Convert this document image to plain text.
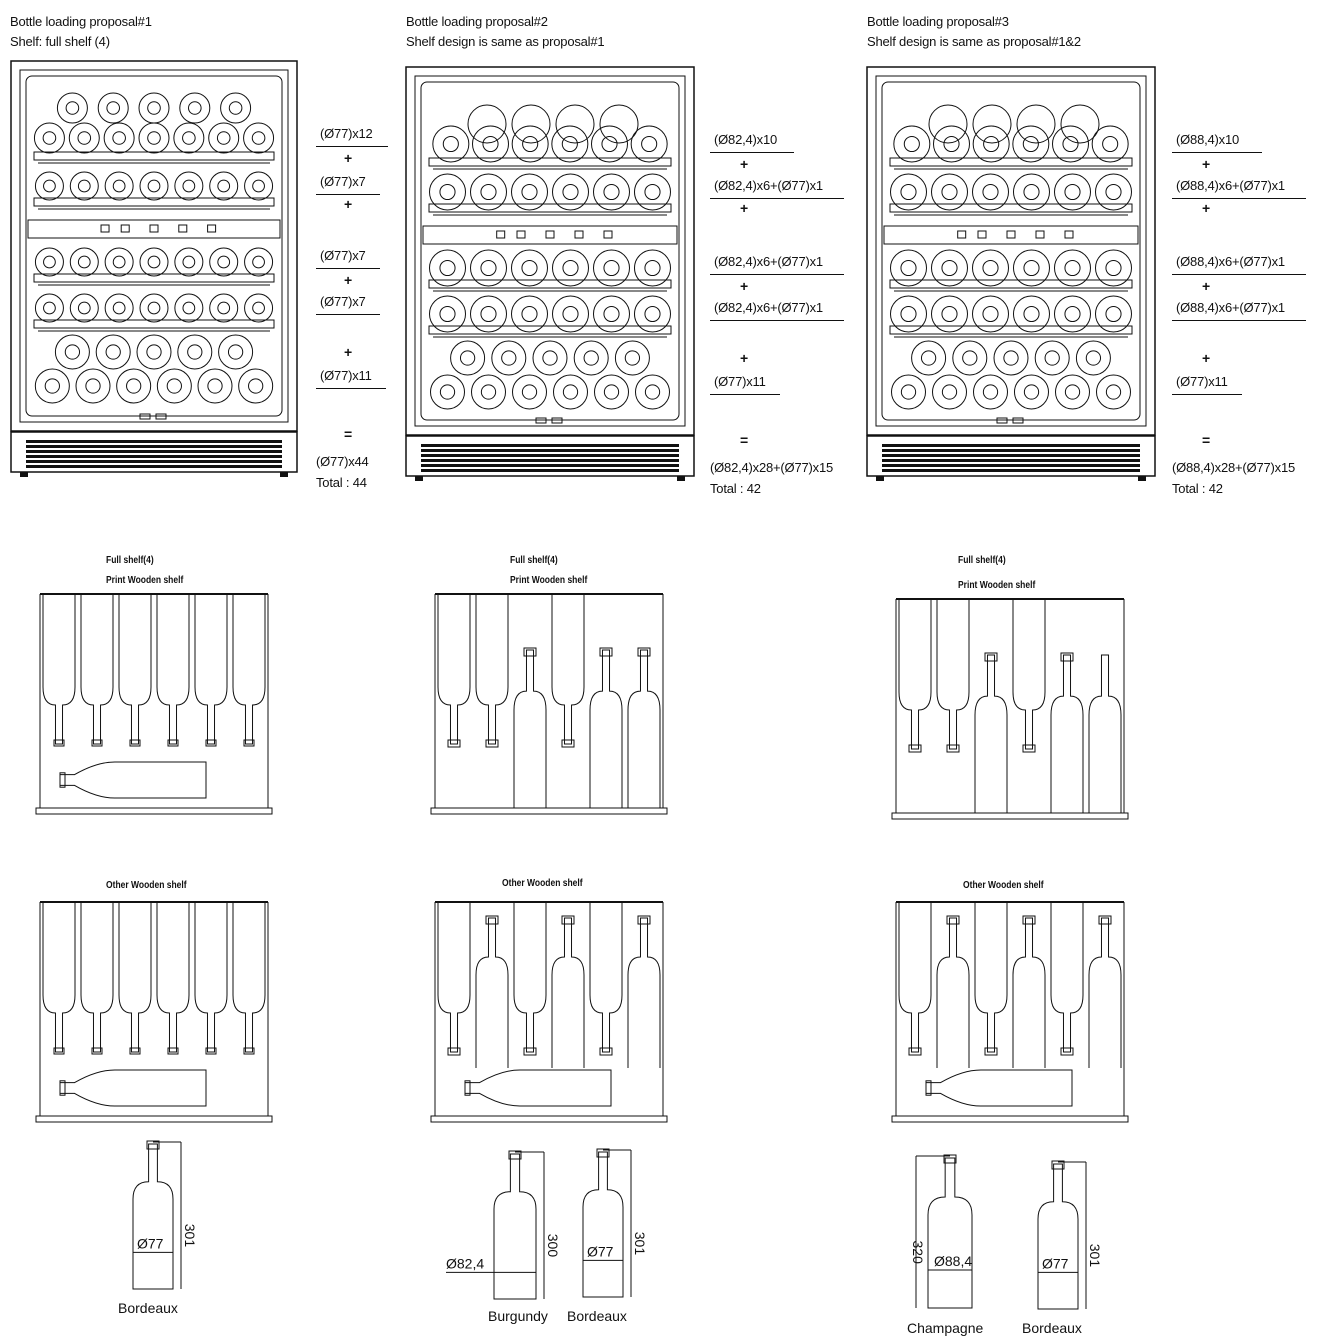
Bottle loading proposal#1
Shelf: full shelf (4)
Bottle loading proposal#2
Shelf design is same as proposal#1
Bottle loading proposal#3
Shelf design is same as proposal#1&2
(Ø77)x12
+
(Ø77)x7
+
(Ø77)x7
+
(Ø77)x7
+
(Ø77)x11
=
(Ø77)x44
Total : 44
(Ø82,4)x10
+
(Ø82,4)x6+(Ø77)x1
+
(Ø82,4)x6+(Ø77)x1
+
(Ø82,4)x6+(Ø77)x1
+
(Ø77)x11
=
(Ø82,4)x28+(Ø77)x15
Total : 42
(Ø88,4)x10
+
(Ø88,4)x6+(Ø77)x1
+
(Ø88,4)x6+(Ø77)x1
+
(Ø88,4)x6+(Ø77)x1
+
(Ø77)x11
=
(Ø88,4)x28+(Ø77)x15
Total : 42
Full shelf(4)
Print Wooden shelf
Full shelf(4)
Print Wooden shelf
Full shelf(4)
Print Wooden shelf
Other Wooden shelf	Other Wooden shelf	Other Wooden shelf
301
Ø77	300
Ø82,4
301
Ø77	320 Ø88,4	301
Ø77
Bordeaux	Burgundy Bordeaux
Champagne	Bordeaux
